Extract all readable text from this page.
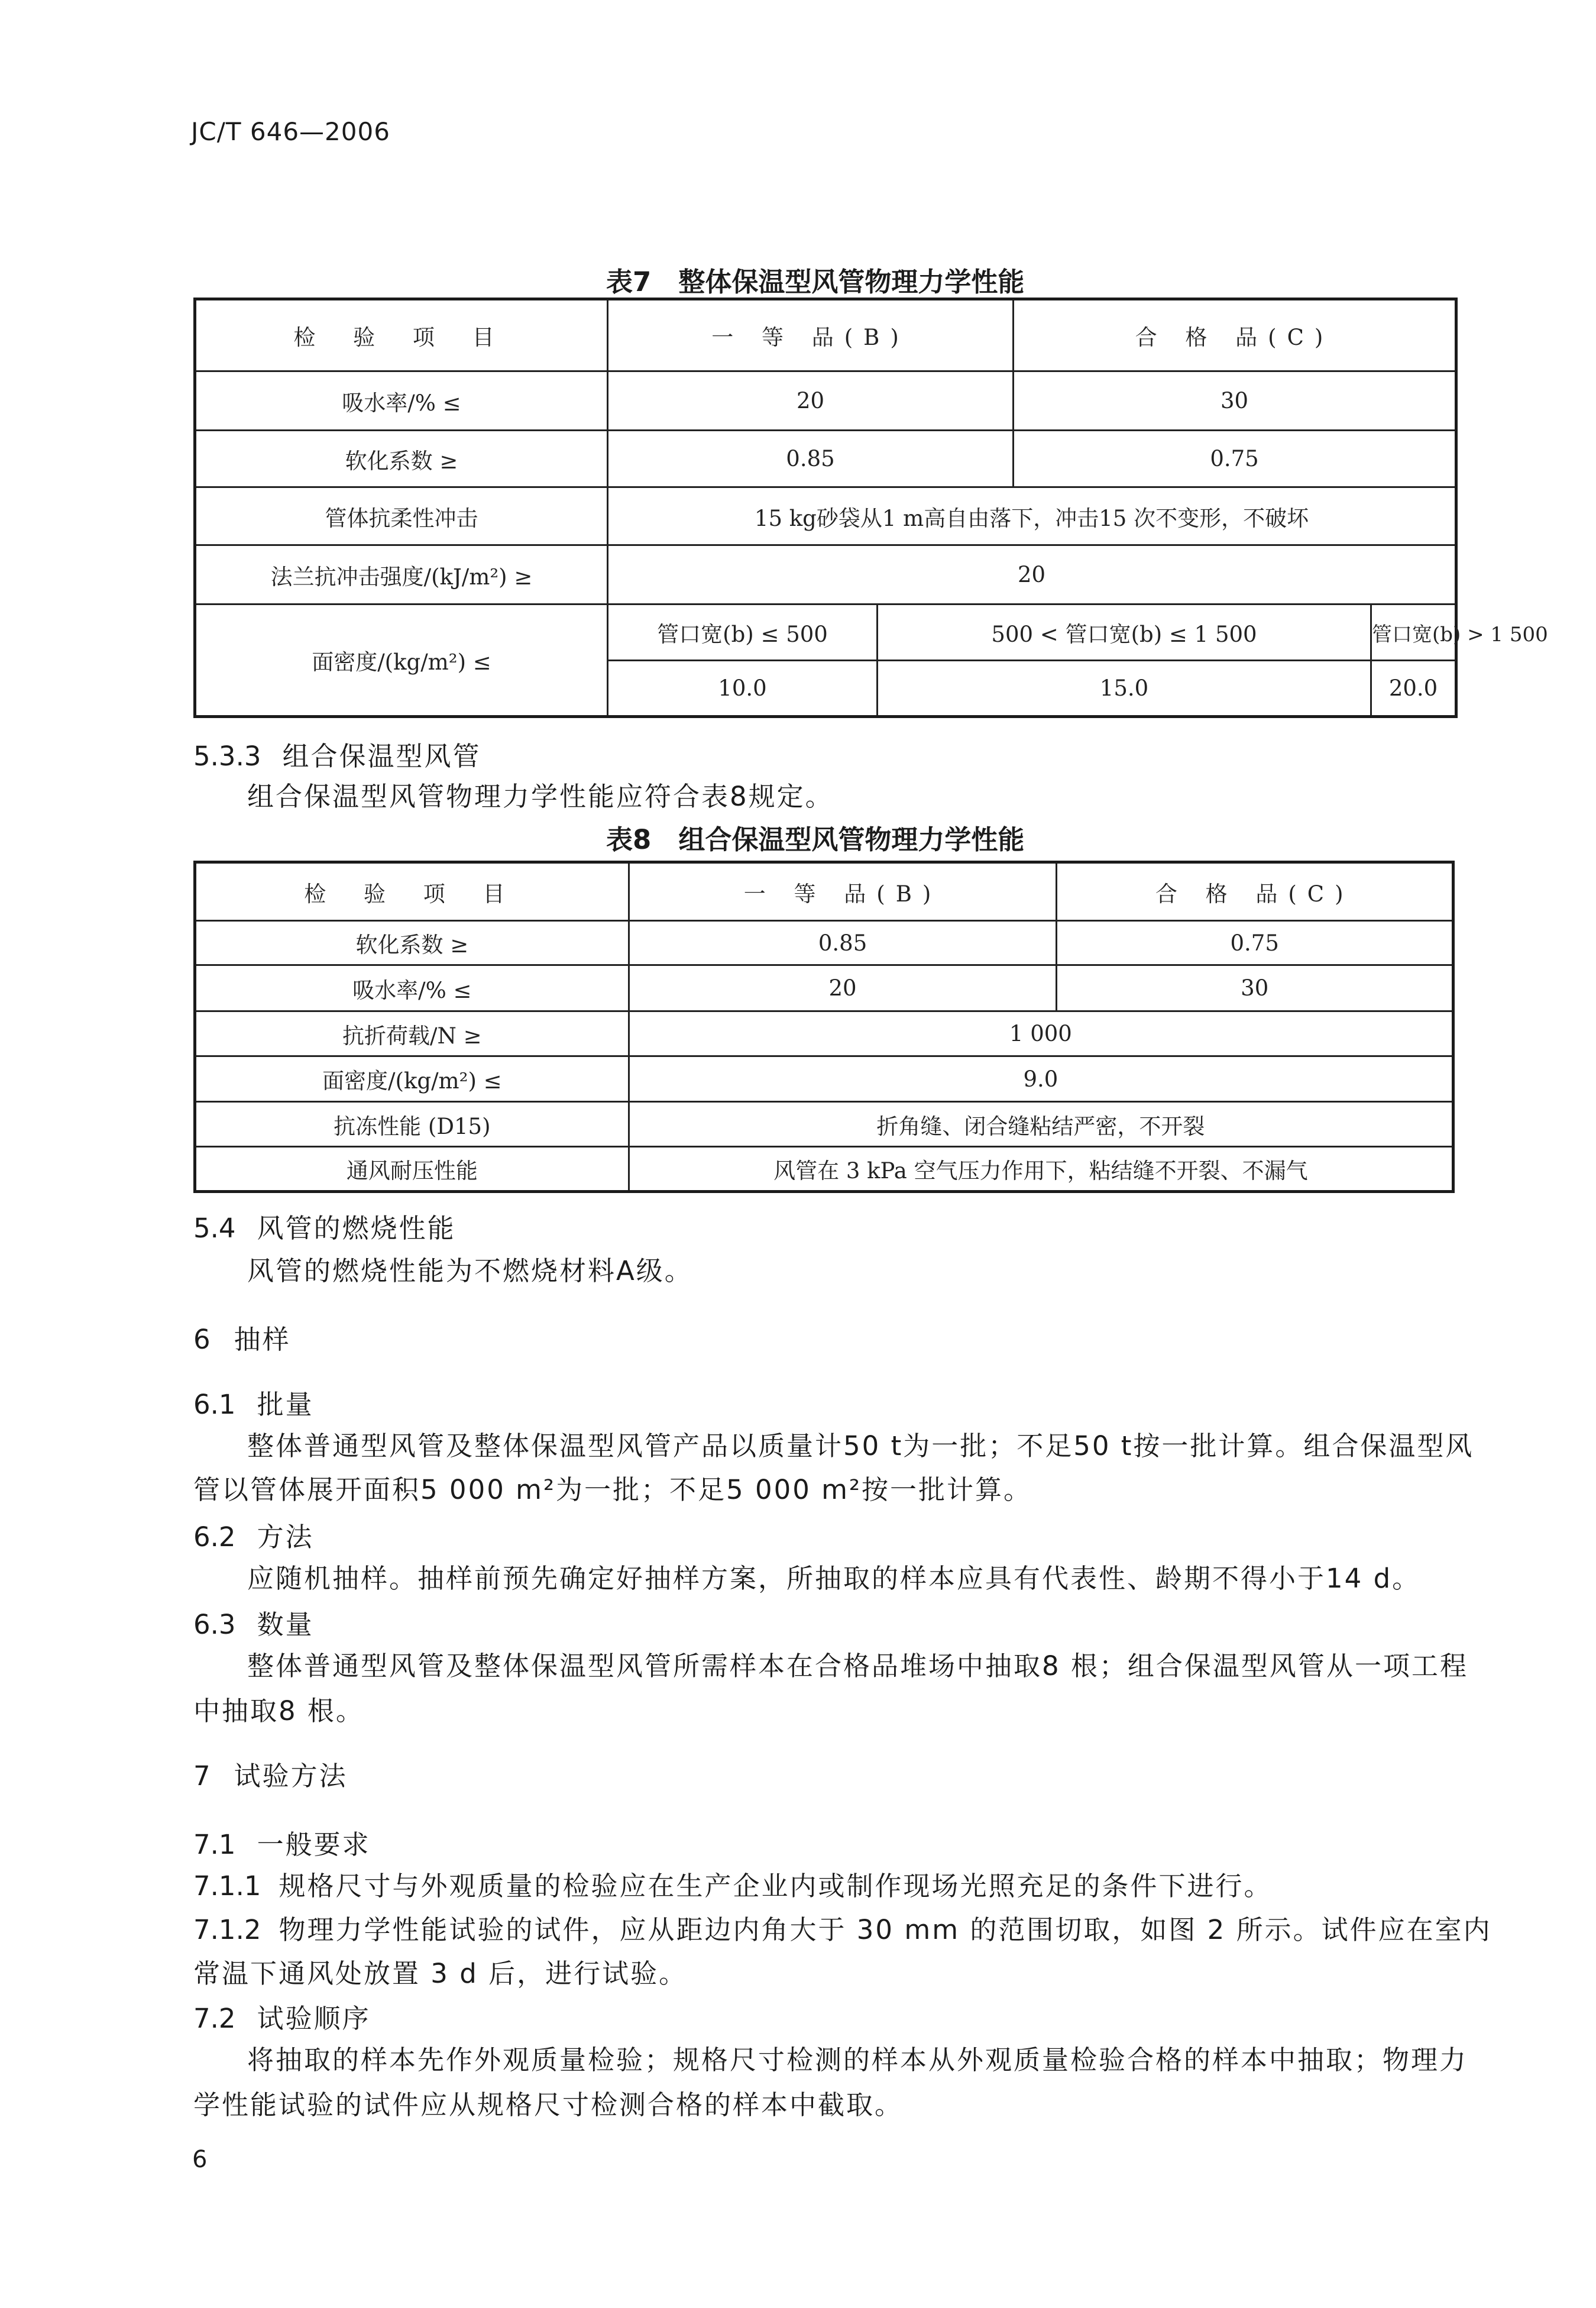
JC/T 646—2006
表7 整体保温型风管物理力学性能
检 验 项 目	一 等 品(B)		合 格 品(C)	
吸水率/% ≤	20		30	
软化系数 ≥	0.85		0.75	
管体抗柔性冲击	15 kg砂袋从1 m高自由落下，冲击15 次不变形，不破坏			
法兰抗冲击强度/(kJ/m²) ≥	20			
面密度/(kg/m²) ≤	管口宽(b) ≤ 500	500 < 管口宽(b) ≤ 1 500		管口宽(b) > 1 500
	10.0	15.0		20.0
5.3.3 组合保温型风管
组合保温型风管物理力学性能应符合表8规定。
表8 组合保温型风管物理力学性能
检 验 项 目	一 等 品(B)	合 格 品(C)
软化系数 ≥	0.85	0.75
吸水率/% ≤	20	30
抗折荷载/N ≥	1 000	
面密度/(kg/m²) ≤	9.0	
抗冻性能 (D15)	折角缝、闭合缝粘结严密，不开裂	
通风耐压性能	风管在 3 kPa 空气压力作用下，粘结缝不开裂、不漏气	
5.4 风管的燃烧性能
风管的燃烧性能为不燃烧材料A级。
6 抽样
6.1 批量
整体普通型风管及整体保温型风管产品以质量计50 t为一批；不足50 t按一批计算。组合保温型风
管以管体展开面积5 000 m²为一批；不足5 000 m²按一批计算。
6.2 方法
应随机抽样。抽样前预先确定好抽样方案，所抽取的样本应具有代表性、龄期不得小于14 d。
6.3 数量
整体普通型风管及整体保温型风管所需样本在合格品堆场中抽取8 根；组合保温型风管从一项工程
中抽取8 根。
7 试验方法
7.1 一般要求
7.1.1 规格尺寸与外观质量的检验应在生产企业内或制作现场光照充足的条件下进行。
7.1.2 物理力学性能试验的试件，应从距边内角大于 30 mm 的范围切取，如图 2 所示。试件应在室内
常温下通风处放置 3 d 后，进行试验。
7.2 试验顺序
将抽取的样本先作外观质量检验；规格尺寸检测的样本从外观质量检验合格的样本中抽取；物理力
学性能试验的试件应从规格尺寸检测合格的样本中截取。
6
